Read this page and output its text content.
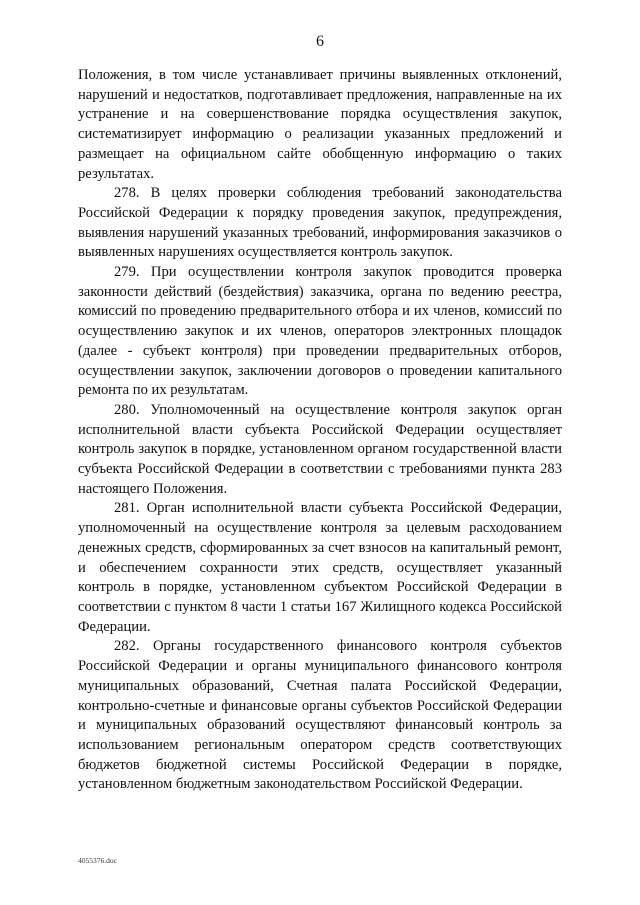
6

Положения, в том числе устанавливает причины выявленных отклонений, нарушений и недостатков, подготавливает предложения, направленные на их устранение и на совершенствование порядка осуществления закупок, систематизирует информацию о реализации указанных предложений и размещает на официальном сайте обобщенную информацию о таких результатах.

278. В целях проверки соблюдения требований законодательства Российской Федерации к порядку проведения закупок, предупреждения, выявления нарушений указанных требований, информирования заказчиков о выявленных нарушениях осуществляется контроль закупок.

279. При осуществлении контроля закупок проводится проверка законности действий (бездействия) заказчика, органа по ведению реестра, комиссий по проведению предварительного отбора и их членов, комиссий по осуществлению закупок и их членов, операторов электронных площадок (далее - субъект контроля) при проведении предварительных отборов, осуществлении закупок, заключении договоров о проведении капитального ремонта по их результатам.

280. Уполномоченный на осуществление контроля закупок орган исполнительной власти субъекта Российской Федерации осуществляет контроль закупок в порядке, установленном органом государственной власти субъекта Российской Федерации в соответствии с требованиями пункта 283 настоящего Положения.

281. Орган исполнительной власти субъекта Российской Федерации, уполномоченный на осуществление контроля за целевым расходованием денежных средств, сформированных за счет взносов на капитальный ремонт, и обеспечением сохранности этих средств, осуществляет указанный контроль в порядке, установленном субъектом Российской Федерации в соответствии с пунктом 8 части 1 статьи 167 Жилищного кодекса Российской Федерации.

282. Органы государственного финансового контроля субъектов Российской Федерации и органы муниципального финансового контроля муниципальных образований, Счетная палата Российской Федерации, контрольно-счетные и финансовые органы субъектов Российской Федерации и муниципальных образований осуществляют финансовый контроль за использованием региональным оператором средств соответствующих бюджетов бюджетной системы Российской Федерации в порядке, установленном бюджетным законодательством Российской Федерации.

4055376.doc
